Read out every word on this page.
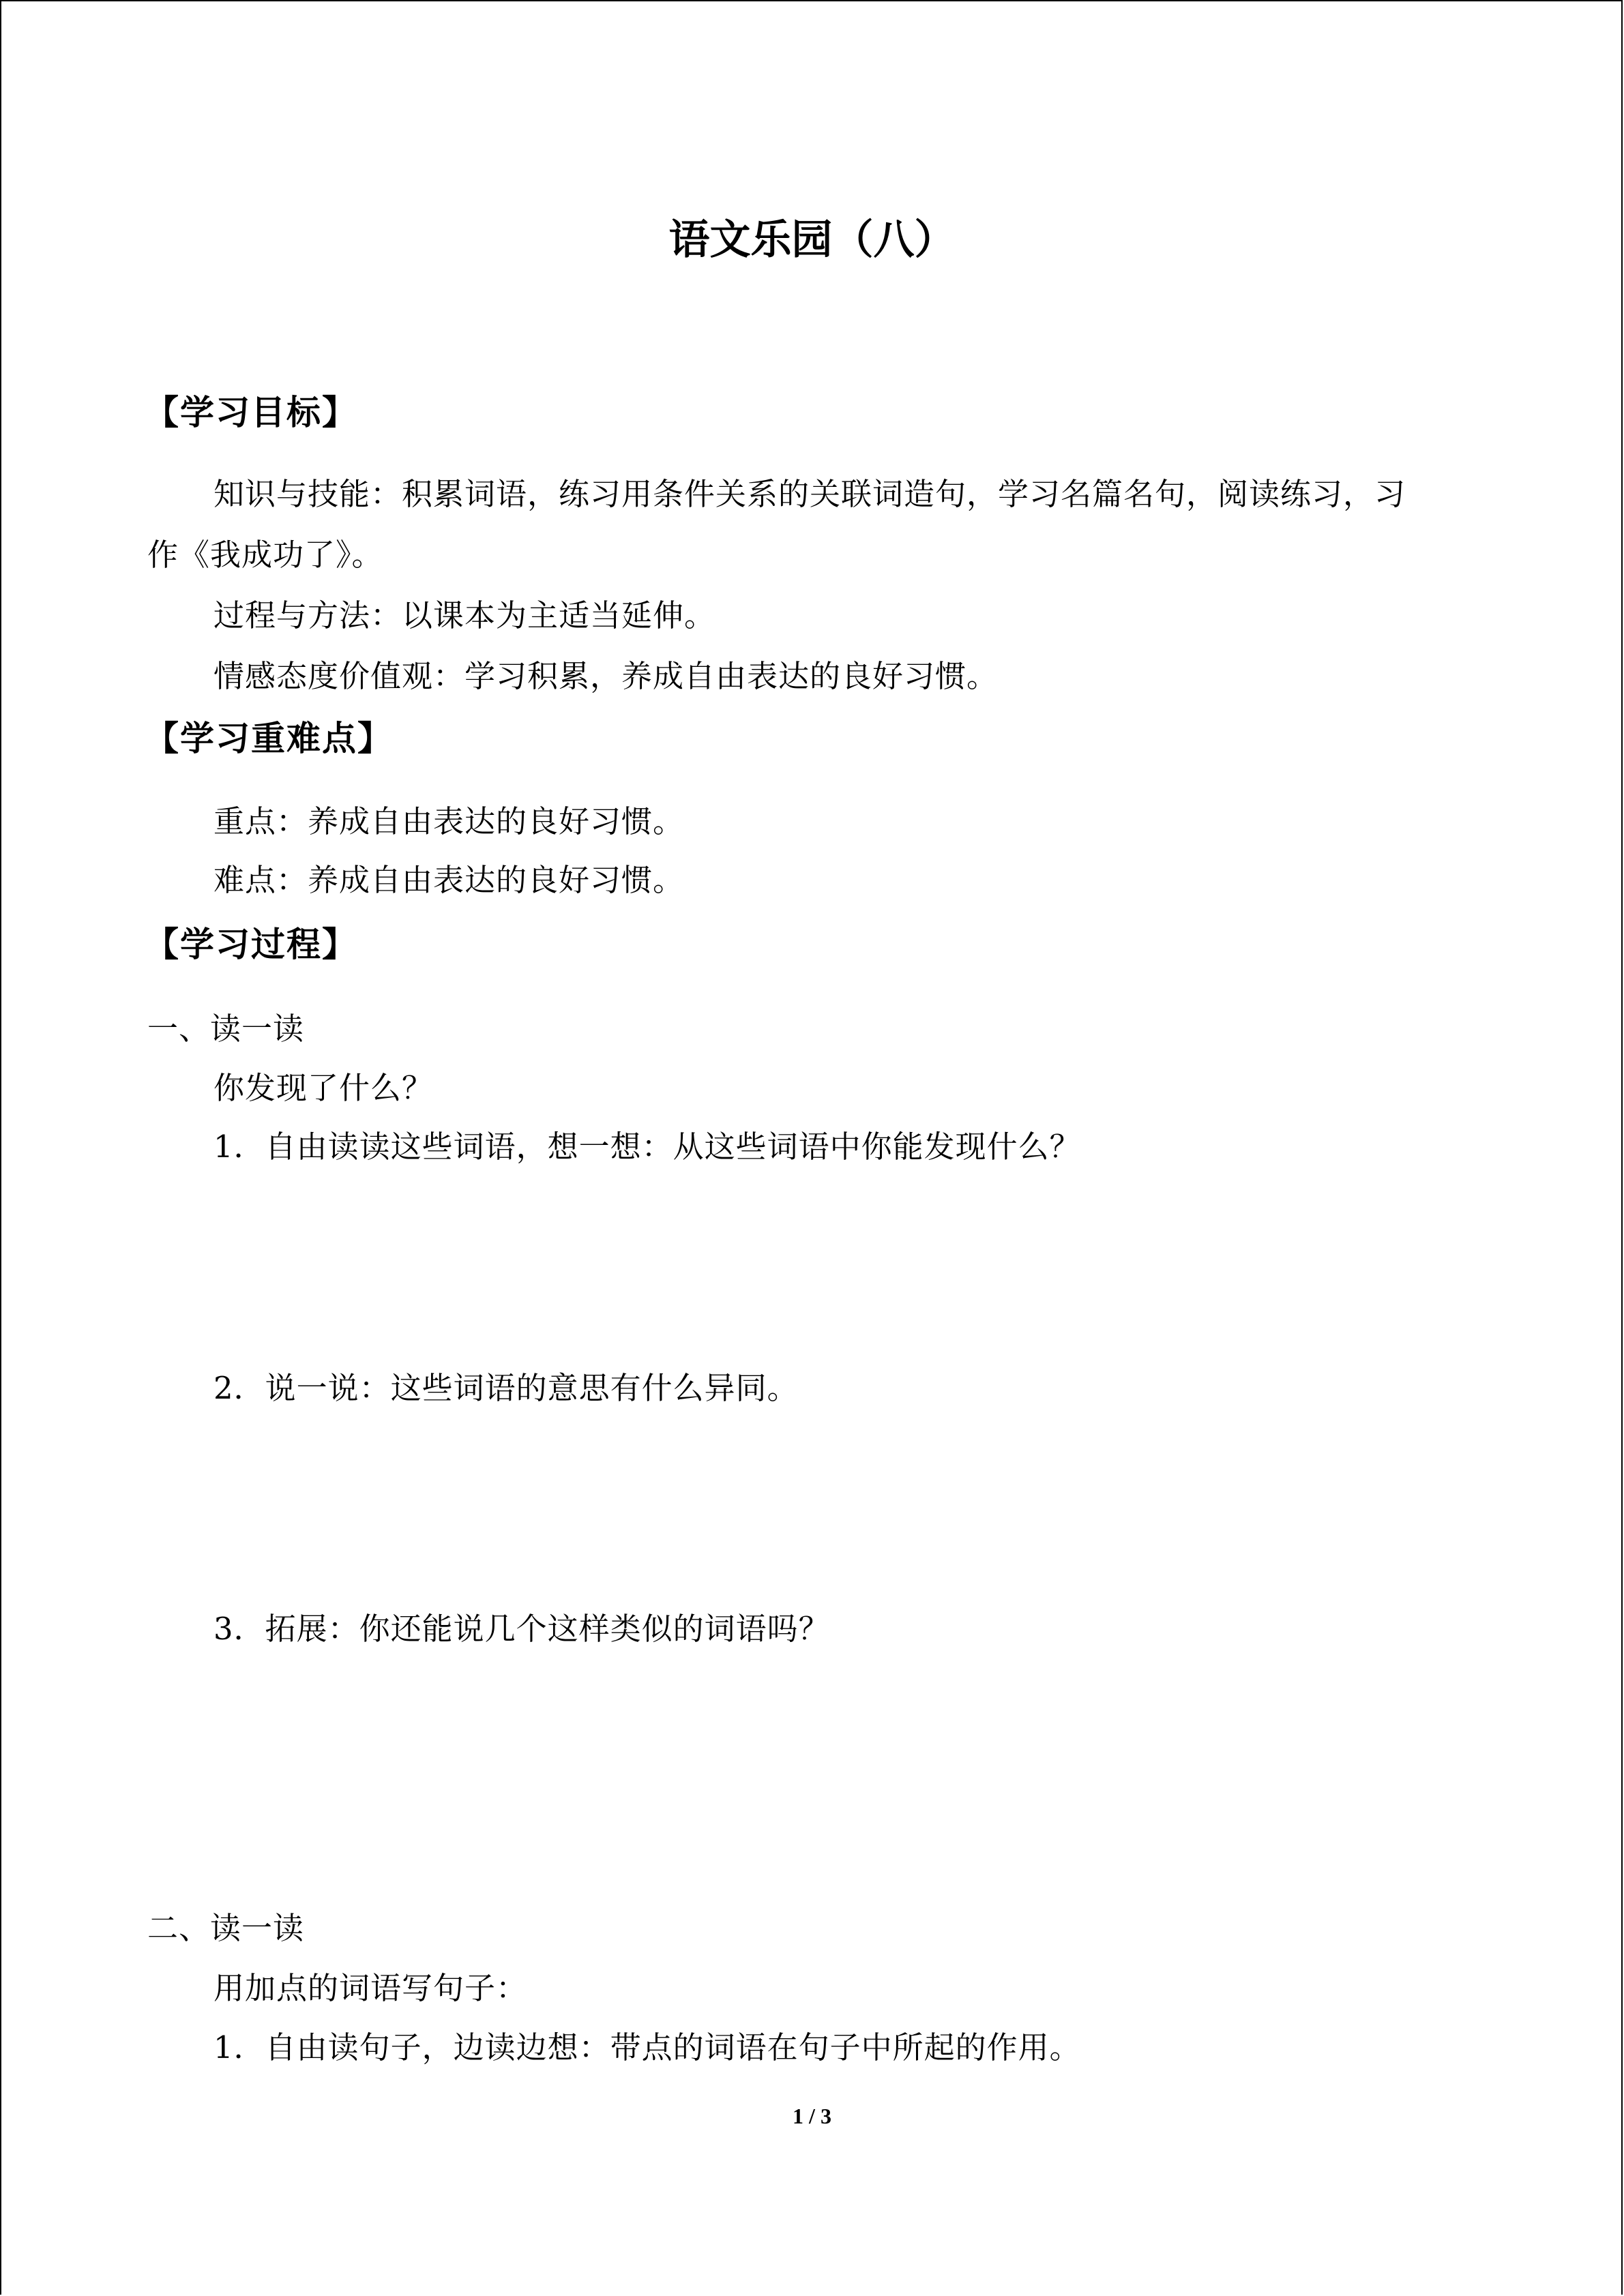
语文乐园（八）
【学习目标】
知识与技能：积累词语，练习用条件关系的关联词造句，学习名篇名句，阅读练习，习
作《我成功了》。
过程与方法：以课本为主适当延伸。
情感态度价值观：学习积累，养成自由表达的良好习惯。
【学习重难点】
重点：养成自由表达的良好习惯。
难点：养成自由表达的良好习惯。
【学习过程】
一、读一读
你发现了什么？
1．自由读读这些词语，想一想：从这些词语中你能发现什么？
2．说一说：这些词语的意思有什么异同。
3．拓展：你还能说几个这样类似的词语吗？
二、读一读
用加点的词语写句子：
1．自由读句子，边读边想：带点的词语在句子中所起的作用。
1 / 3
